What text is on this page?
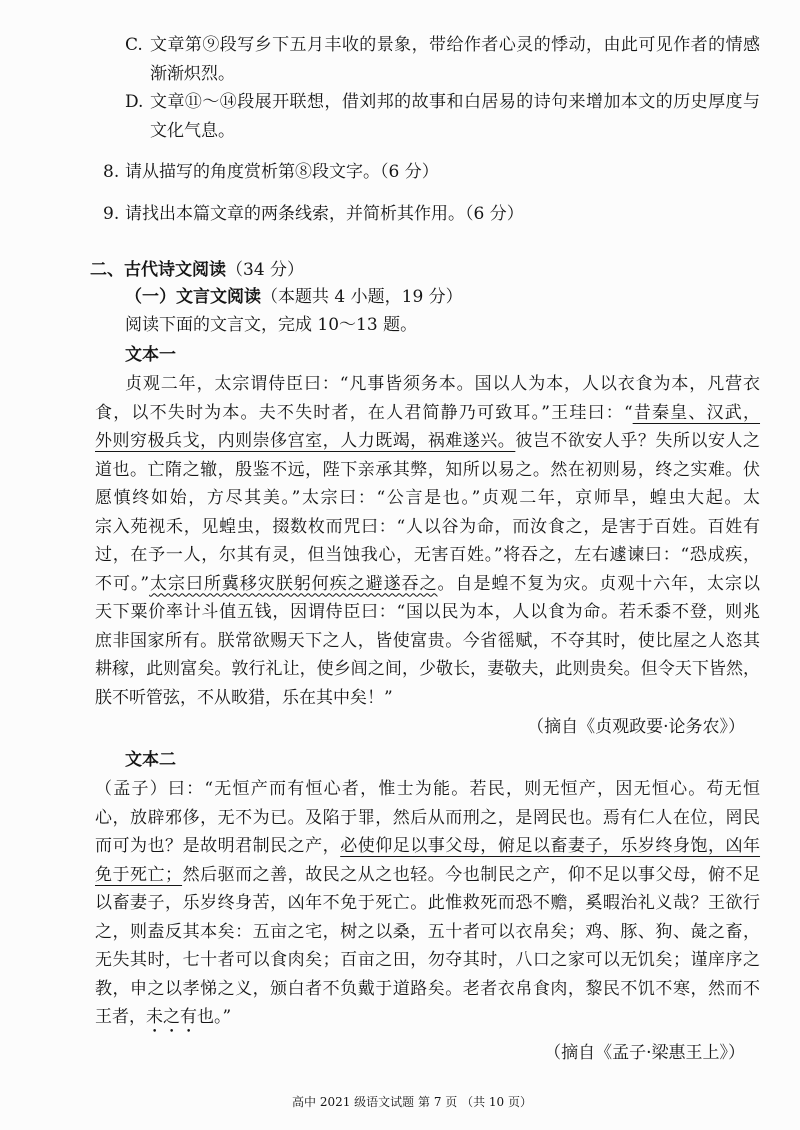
C. 文章第⑨段写乡下五月丰收的景象，带给作者心灵的悸动，由此可见作者的情感
渐渐炽烈。
D. 文章⑪～⑭段展开联想，借刘邦的故事和白居易的诗句来增加本文的历史厚度与
文化气息。
8. 请从描写的角度赏析第⑧段文字。（6 分）
9. 请找出本篇文章的两条线索，并简析其作用。（6 分）
二、古代诗文阅读（34 分）
（一）文言文阅读（本题共 4 小题，19 分）
阅读下面的文言文，完成 10～13 题。
文本一
贞观二年，太宗谓侍臣曰：“凡事皆须务本。国以人为本，人以衣食为本，凡营衣
食，以不失时为本。夫不失时者，在人君简静乃可致耳。”王珪曰：“昔秦皇、汉武，
外则穷极兵戈，内则崇侈宫室，人力既竭，祸难遂兴。彼岂不欲安人乎？失所以安人之
道也。亡隋之辙，殷鉴不远，陛下亲承其弊，知所以易之。然在初则易，终之实难。伏
愿慎终如始，方尽其美。”太宗曰：“公言是也。”贞观二年，京师旱，蝗虫大起。太
宗入苑视禾，见蝗虫，掇数枚而咒曰：“人以谷为命，而汝食之，是害于百姓。百姓有
过，在予一人，尔其有灵，但当蚀我心，无害百姓。”将吞之，左右遽谏曰：“恐成疾，
不可。”太宗曰所冀移灾朕躬何疾之避遂吞之。自是蝗不复为灾。贞观十六年，太宗以
天下粟价率计斗值五钱，因谓侍臣曰：“国以民为本，人以食为命。若禾黍不登，则兆
庶非国家所有。朕常欲赐天下之人，皆使富贵。今省徭赋，不夺其时，使比屋之人恣其
耕稼，此则富矣。敦行礼让，使乡闾之间，少敬长，妻敬夫，此则贵矣。但令天下皆然，
朕不听管弦，不从畋猎，乐在其中矣！”
（摘自《贞观政要·论务农》）
文本二
（孟子）曰：“无恒产而有恒心者，惟士为能。若民，则无恒产，因无恒心。苟无恒
心，放辟邪侈，无不为已。及陷于罪，然后从而刑之，是罔民也。焉有仁人在位，罔民
而可为也？是故明君制民之产，必使仰足以事父母，俯足以畜妻子，乐岁终身饱，凶年
免于死亡；然后驱而之善，故民之从之也轻。今也制民之产，仰不足以事父母，俯不足
以畜妻子，乐岁终身苦，凶年不免于死亡。此惟救死而恐不赡，奚暇治礼义哉？王欲行
之，则盍反其本矣：五亩之宅，树之以桑，五十者可以衣帛矣；鸡、豚、狗、彘之畜，
无失其时，七十者可以食肉矣；百亩之田，勿夺其时，八口之家可以无饥矣；谨庠序之
教，申之以孝悌之义，颁白者不负戴于道路矣。老者衣帛食肉，黎民不饥不寒，然而不
王者，未之有也。”
（摘自《孟子·梁惠王上》）
高中 2021 级语文试题 第 7 页 （共 10 页）
